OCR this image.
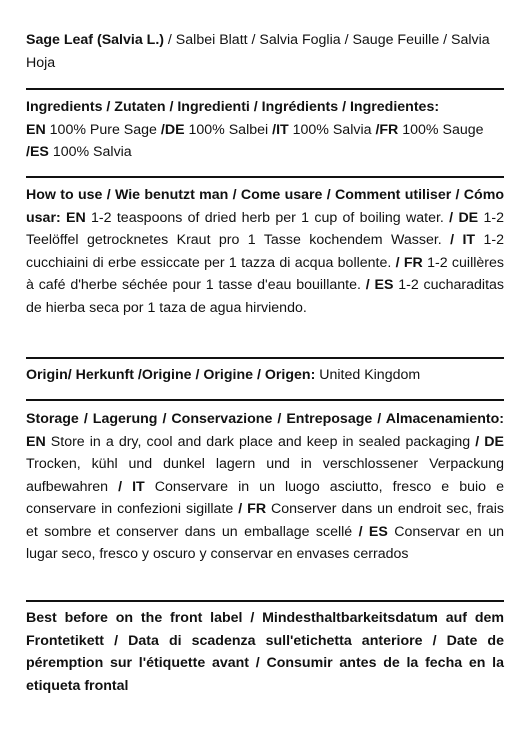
Sage Leaf (Salvia L.) / Salbei Blatt / Salvia Foglia / Sauge Feuille / Salvia Hoja
Ingredients / Zutaten / Ingredienti / Ingrédients / Ingredientes:
EN 100% Pure Sage /DE 100% Salbei /IT 100% Salvia /FR 100% Sauge /ES 100% Salvia
How to use / Wie benutzt man / Come usare / Comment utiliser / Cómo usar: EN 1-2 teaspoons of dried herb per 1 cup of boiling water. / DE 1-2 Teelöffel getrocknetes Kraut pro 1 Tasse kochendem Wasser. / IT 1-2 cucchiaini di erbe essiccate per 1 tazza di acqua bollente. / FR 1-2 cuillères à café d'herbe séchée pour 1 tasse d'eau bouillante. / ES 1-2 cucharaditas de hierba seca por 1 taza de agua hirviendo.
Origin/ Herkunft /Origine / Origine / Origen: United Kingdom
Storage / Lagerung / Conservazione / Entreposage / Almacenamiento: EN Store in a dry, cool and dark place and keep in sealed packaging / DE Trocken, kühl und dunkel lagern und in verschlossener Verpackung aufbewahren / IT Conservare in un luogo asciutto, fresco e buio e conservare in confezioni sigillate / FR Conserver dans un endroit sec, frais et sombre et conserver dans un emballage scellé / ES Conservar en un lugar seco, fresco y oscuro y conservar en envases cerrados
Best before on the front label / Mindesthaltbarkeitsdatum auf dem Frontetikett / Data di scadenza sull'etichetta anteriore / Date de péremption sur l'étiquette avant / Consumir antes de la fecha en la etiqueta frontal
